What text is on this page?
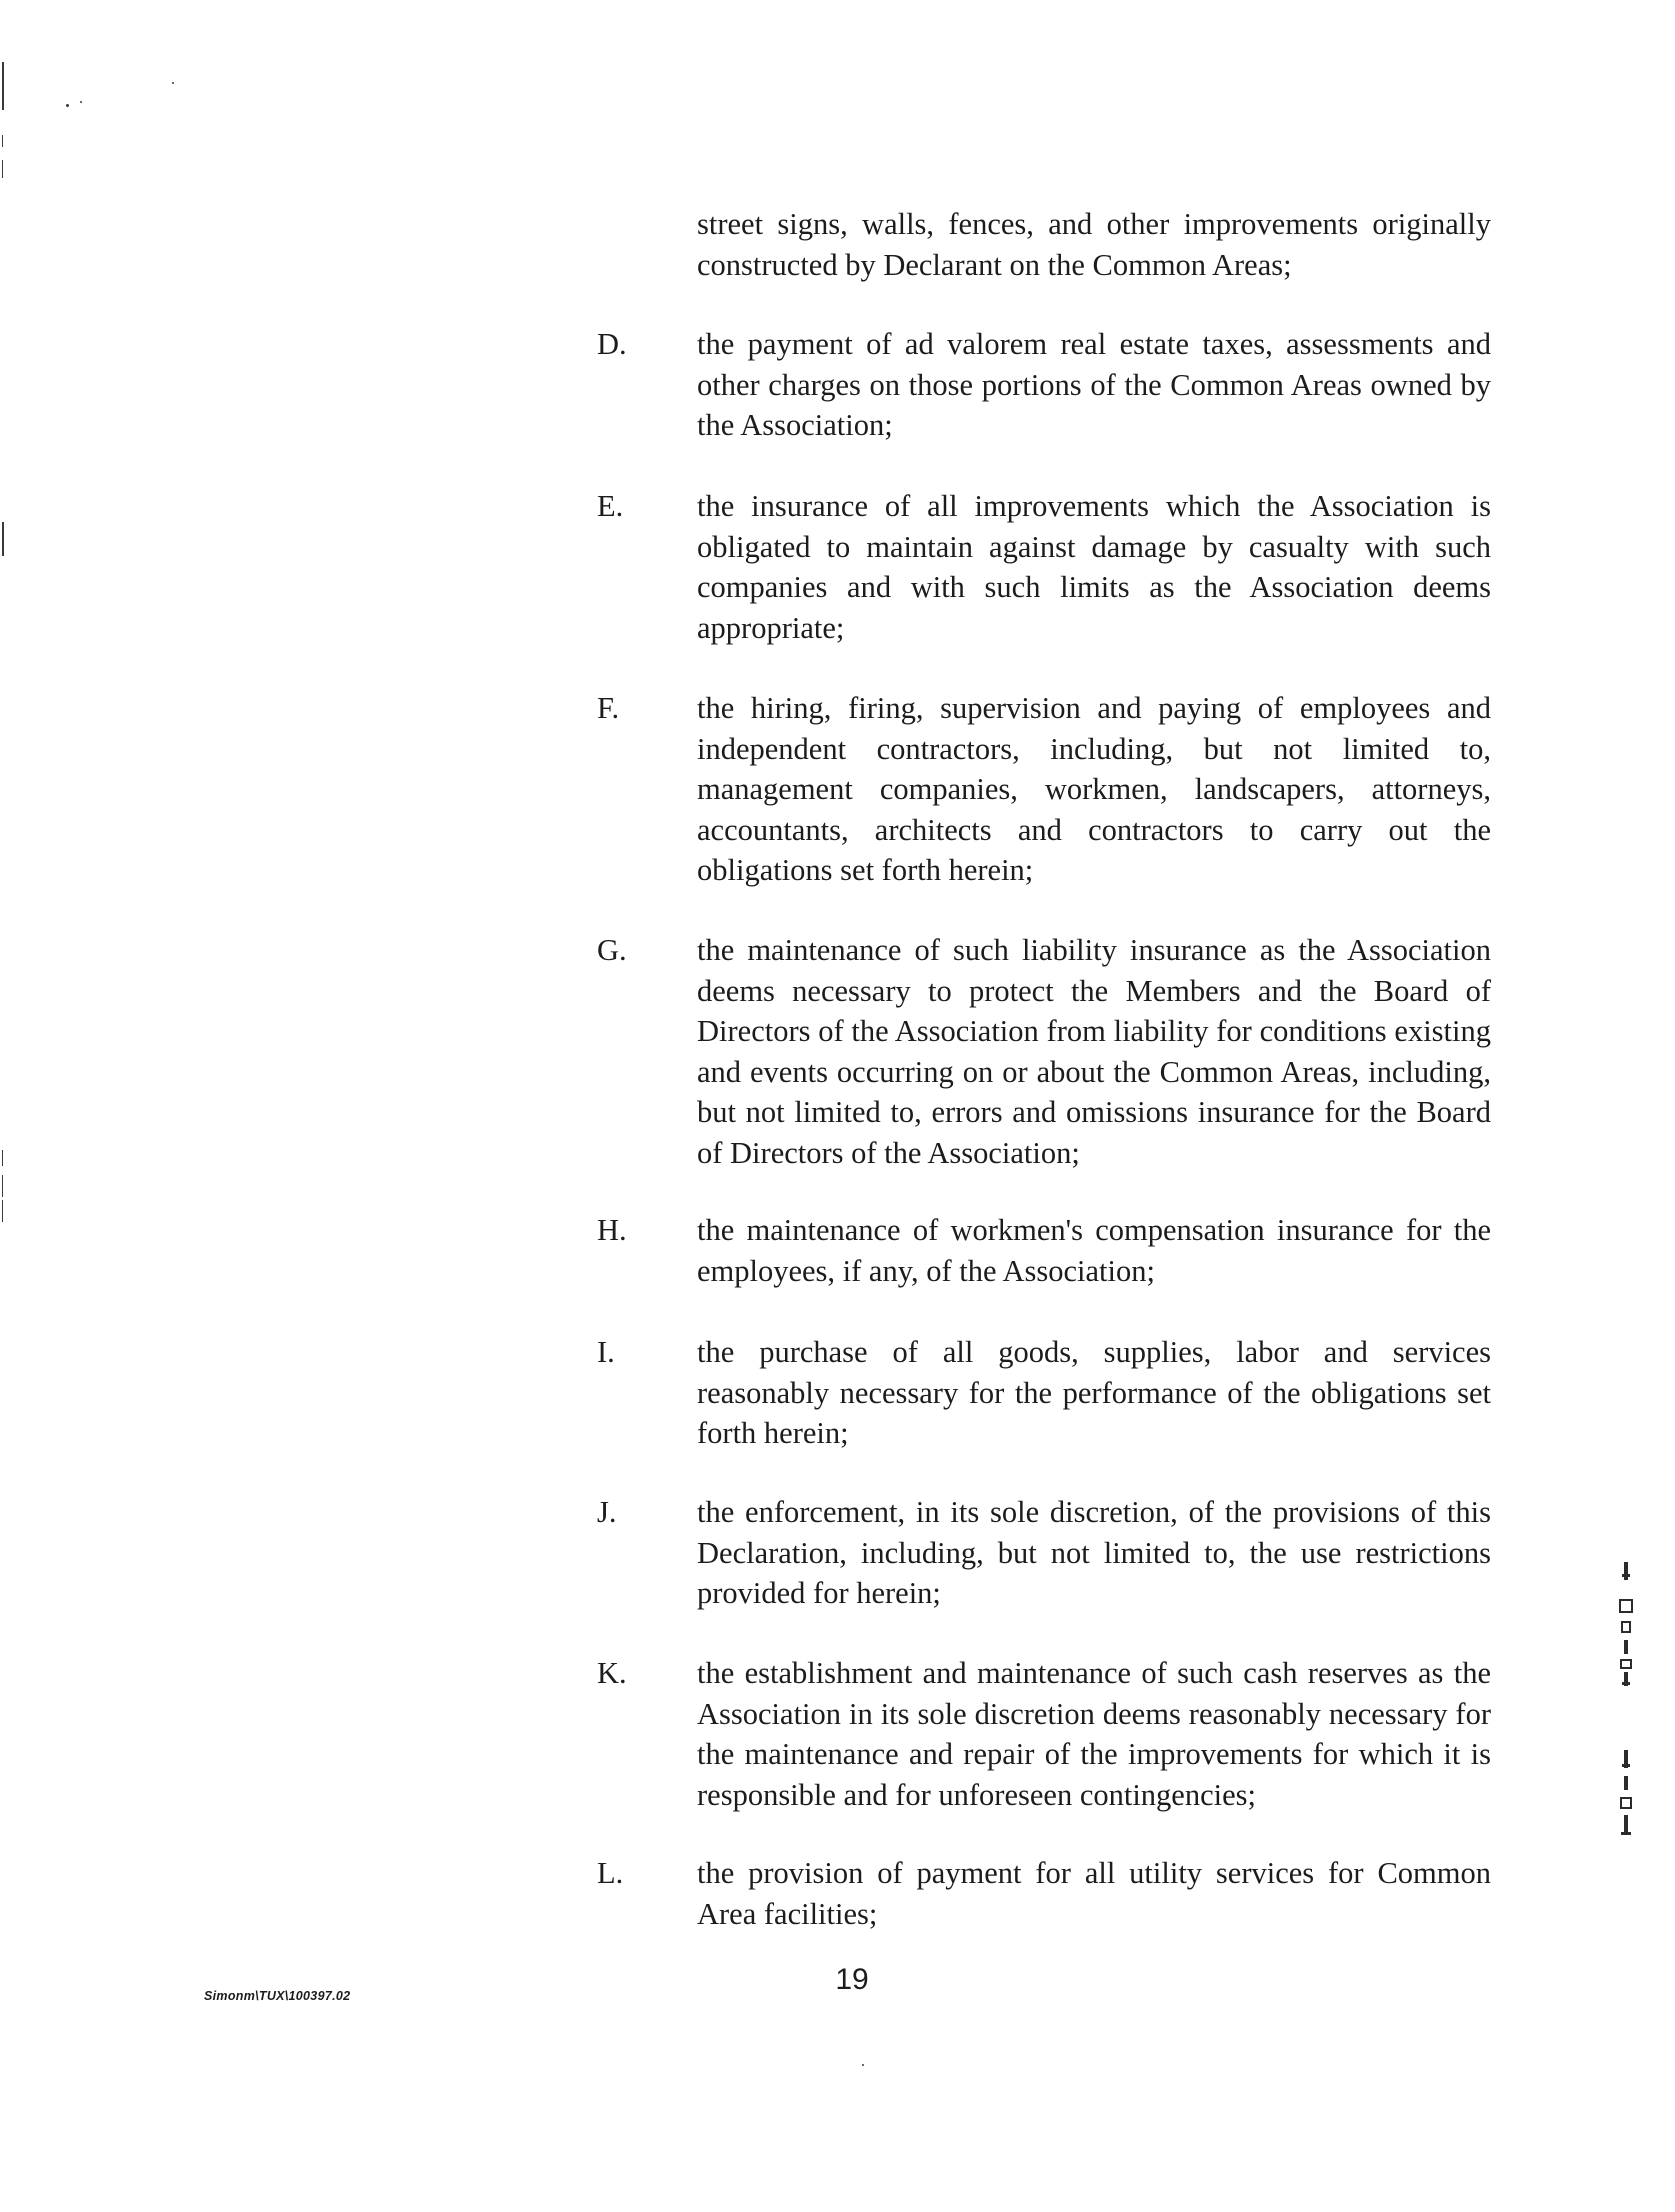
street signs, walls, fences, and other improvements originally constructed by Declarant on the Common Areas;

D. the payment of ad valorem real estate taxes, assessments and other charges on those portions of the Common Areas owned by the Association;

E. the insurance of all improvements which the Association is obligated to maintain against damage by casualty with such companies and with such limits as the Association deems appropriate;

F.	the hiring, firing, supervision and paying of employees and independent contractors, including, but not limited to, management companies, workmen, landscapers, attorneys, accountants, architects and contractors to carry out the obligations set forth herein;

G. the maintenance of such liability insurance as the Association deems necessary to protect the Members and the Board of Directors of the Association from liability for conditions existing and events occurring on or about the Common Areas, including, but not limited to, errors and omissions insurance for the Board of Directors of the Association;

H. the maintenance of workmen's compensation insurance for the employees, if any, of the Association;

I.	the purchase of all goods, supplies, labor and services reasonably necessary for the performance of the obligations set forth herein;

J.	the enforcement, in its sole discretion, of the provisions of this Declaration, including, but not limited to, the use restrictions provided for herein;

K. the establishment and maintenance of such cash reserves as the Association in its sole discretion deems reasonably necessary for the maintenance and repair of the improvements for which it is responsible and for unforeseen contingencies;

L. the provision of payment for all utility services for Common Area facilities;

Simonm\TUX\100397.02	19
